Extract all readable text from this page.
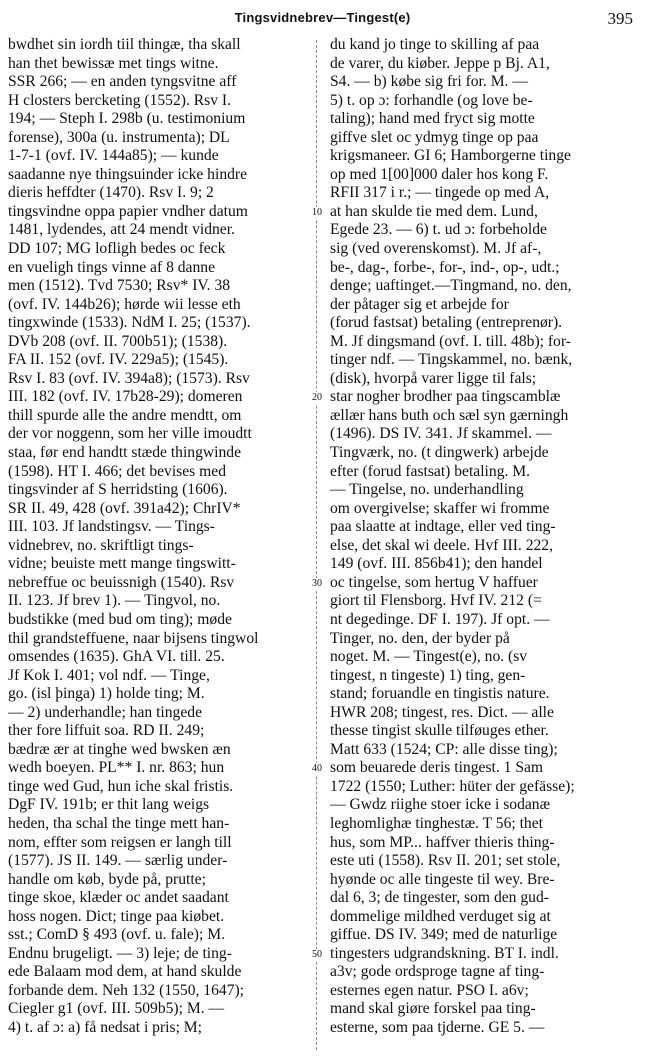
Tingsvidnebrev—Tingest(e)	395
bwdhet sin iordh tiil thingæ, tha skall
han thet bewissæ met tings witne.
SSR 266; — en anden tyngsvitne aff
H closters bercketing (1552). Rsv I.
194; — Steph I. 298b (u. testimonium
forense), 300a (u. instrumenta); DL
1-7-1 (ovf. IV. 144a85); — kunde
saadanne nye thingsuinder icke hindre
dieris heffdter (1470). Rsv I. 9; 2
tingsvindne oppa papier vndher datum
1481, lydendes, att 24 mendt vidner.
DD 107; MG lofligh bedes oc feck
en vueligh tings vinne af 8 danne
men (1512). Tvd 7530; Rsv* IV. 38
(ovf. IV. 144b26); hørde wii lesse eth
tingxwinde (1533). NdM I. 25; (1537).
DVb 208 (ovf. II. 700b51); (1538).
FA II. 152 (ovf. IV. 229a5); (1545).
Rsv I. 83 (ovf. IV. 394a8); (1573). Rsv
III. 182 (ovf. IV. 17b28-29); domeren
thill spurde alle the andre mendtt, om
der vor noggenn, som her ville imoudtt
staa, før end handtt stæde thingwinde
(1598). HT I. 466; det bevises med
tingsvinder af S herridsting (1606).
SR II. 49, 428 (ovf. 391a42); ChrIV*
III. 103. Jf landstingsv. — Tings-
vidnebrev, no. skriftligt tings-
vidne; beuiste mett mange tingswitt-
nebreffue oc beuissnigh (1540). Rsv
II. 123. Jf brev 1). — Tingvol, no.
budstikke (med bud om ting); møde
thil grandsteffuene, naar bijsens tingwol
omsendes (1635). GhA VI. till. 25.
Jf Kok I. 401; vol ndf. — Tinge,
go. (isl þinga) 1) holde ting; M.
— 2) underhandle; han tingede
ther fore liffuit soa. RD II. 249;
bædræ ær at tinghe wed bwsken æn
wedh boeyen. PL** I. nr. 863; hun
tinge wed Gud, hun iche skal fristis.
DgF IV. 191b; er thit lang weigs
heden, tha schal the tinge mett han-
nom, effter som reigsen er langh till
(1577). JS II. 149. — særlig under-
handle om køb, byde på, prutte;
tinge skoe, klæder oc andet saadant
hoss nogen. Dict; tinge paa kiøbet.
sst.; ComD § 493 (ovf. u. fale); M.
Endnu brugeligt. — 3) leje; de ting-
ede Balaam mod dem, at hand skulde
forbande dem. Neh 132 (1550, 1647);
Ciegler g1 (ovf. III. 509b5); M. —
4) t. af ɔ: a) få nedsat i pris; M;
10
20
30
40
50
du kand jo tinge to skilling af paa
de varer, du kiøber. Jeppe p Bj. A1,
S4. — b) købe sig fri for. M. —
5) t. op ɔ: forhandle (og love be-
taling); hand med fryct sig motte
giffve slet oc ydmyg tinge op paa
krigsmaneer. GI 6; Hamborgerne tinge
op med 1[00]000 daler hos kong F.
RFII 317 i r.; — tingede op med A,
at han skulde tie med dem. Lund,
Egede 23. — 6) t. ud ɔ: forbeholde
sig (ved overenskomst). M. Jf af-,
be-, dag-, forbe-, for-, ind-, op-, udt.;
denge; uaftinget.—Tingmand, no. den,
der påtager sig et arbejde for
(forud fastsat) betaling (entreprenør).
M. Jf dingsmand (ovf. I. till. 48b); for-
tinger ndf. — Tingskammel, no. bænk,
(disk), hvorpå varer ligge til fals;
star nogher brodher paa tingscamblæ
ællær hans buth och sæl syn gærningh
(1496). DS IV. 341. Jf skammel. —
Tingværk, no. (t dingwerk) arbejde
efter (forud fastsat) betaling. M.
— Tingelse, no. underhandling
om overgivelse; skaffer wi fromme
paa slaatte at indtage, eller ved ting-
else, det skal wi deele. Hvf III. 222,
149 (ovf. III. 856b41); den handel
oc tingelse, som hertug V haffuer
giort til Flensborg. Hvf IV. 212 (=
nt degedinge. DF I. 197). Jf opt. —
Tinger, no. den, der byder på
noget. M. — Tingest(e), no. (sv
tingest, n tingeste) 1) ting, gen-
stand; foruandle en tingistis nature.
HWR 208; tingest, res. Dict. — alle
thesse tingist skulle tilføuges ether.
Matt 633 (1524; CP: alle disse ting);
som beuarede deris tingest. 1 Sam
1722 (1550; Luther: hüter der gefässe);
— Gwdz riighe stoer icke i sodanæ
leghomlighæ tinghestæ. T 56; thet
hus, som MP... haffver thieris thing-
este uti (1558). Rsv II. 201; set stole,
hyønde oc alle tingeste til wey. Bre-
dal 6, 3; de tingester, som den gud-
dommelige mildhed verduget sig at
giffue. DS IV. 349; med de naturlige
tingesters udgrandskning. BT I. indl.
a3v; gode ordsproge tagne af ting-
esternes egen natur. PSO I. a6v;
mand skal giøre forskel paa ting-
esterne, som paa tjderne. GE 5. —
